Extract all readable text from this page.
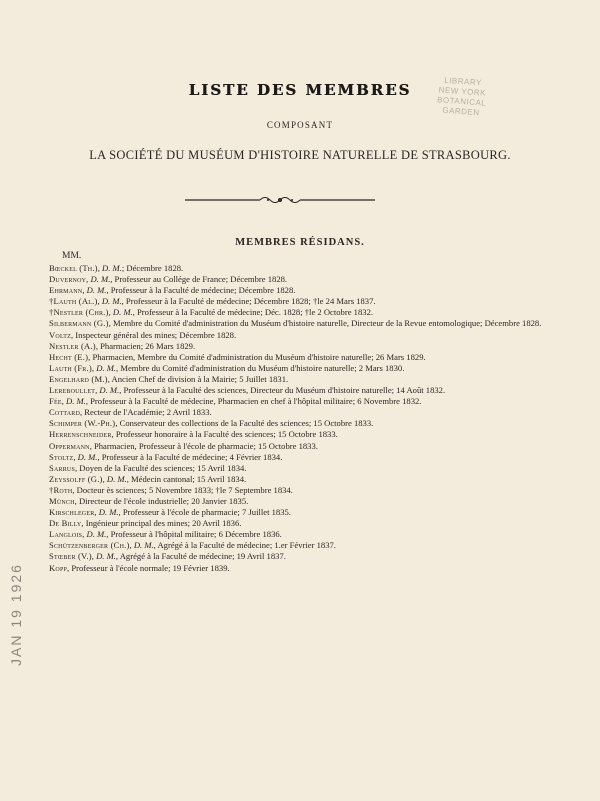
LISTE DES MEMBRES
COMPOSANT
LA SOCIÉTÉ DU MUSÉUM D'HISTOIRE NATURELLE DE STRASBOURG.
LIBRARY
NEW YORK
BOTANICAL
GARDEN
MEMBRES RÉSIDANS.
MM.

Bœckel (Th.), D. M.; Décembre 1828.

Duvernoy, D. M., Professeur au Collége de France; Décembre 1828.

Ehrmann, D. M., Professeur à la Faculté de médecine; Décembre 1828.

†Lauth (Al.), D. M., Professeur à la Faculté de médecine; Décembre 1828; †le 24 Mars 1837.

†Nestler (Chr.), D. M., Professeur à la Faculté de médecine; Déc. 1828; †le 2 Octobre 1832.

Silbermann (G.), Membre du Comité d'administration du Muséum d'histoire naturelle, Directeur de la Revue entomologique; Décembre 1828.

Voltz, Inspecteur général des mines; Décembre 1828.

Nestler (A.), Pharmacien; 26 Mars 1829.

Hecht (E.), Pharmacien, Membre du Comité d'administration du Muséum d'histoire naturelle; 26 Mars 1829.

Lauth (Fr.), D. M., Membre du Comité d'administration du Muséum d'histoire naturelle; 2 Mars 1830.

Engelhard (M.), Ancien Chef de division à la Mairie; 5 Juillet 1831.

Lereboullet, D. M., Professeur à la Faculté des sciences, Directeur du Muséum d'histoire naturelle; 14 Août 1832.

Fée, D. M., Professeur à la Faculté de médecine, Pharmacien en chef à l'hôpital militaire; 6 Novembre 1832.

Cottard, Recteur de l'Académie; 2 Avril 1833.

Schimper (W.-Ph.), Conservateur des collections de la Faculté des sciences; 15 Octobre 1833.

Herrenschneider, Professeur honoraire à la Faculté des sciences; 15 Octobre 1833.

Oppermann, Pharmacien, Professeur à l'école de pharmacie; 15 Octobre 1833.

Stoltz, D. M., Professeur à la Faculté de médecine; 4 Février 1834.

Sarrus, Doyen de la Faculté des sciences; 15 Avril 1834.

Zeyssolff (G.), D. M., Médecin cantonal; 15 Avril 1834.

†Roth, Docteur ès sciences; 5 Novembre 1833; †le 7 Septembre 1834.

Münch, Directeur de l'école industrielle; 20 Janvier 1835.

Kirschleger, D. M., Professeur à l'école de pharmacie; 7 Juillet 1835.

De Billy, Ingénieur principal des mines; 20 Avril 1836.

Langlois, D. M., Professeur à l'hôpital militaire; 6 Décembre 1836.

Schützenberger (Ch.), D. M., Agrégé à la Faculté de médecine; 1.er Février 1837.

Stœber (V.), D. M., Agrégé à la Faculté de médecine; 19 Avril 1837.

Kopp, Professeur à l'école normale; 19 Février 1839.

JAN 19 1926
